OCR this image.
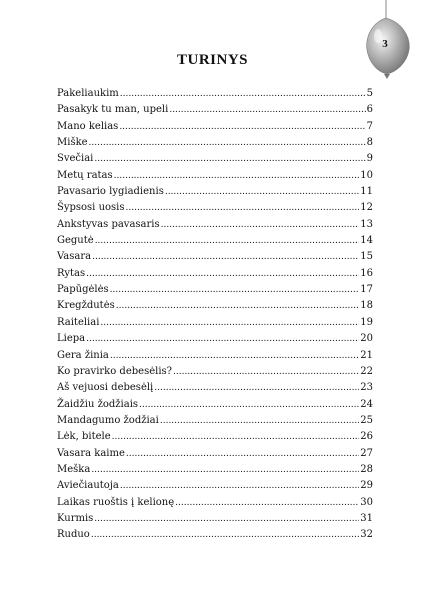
3
TURINYS
Pakeliaukim .....	5
Pasakyk tu man, upeli .....	6
Mano kelias .....	7
Miške .....	8
Svečiai .....	9
Metų ratas .....	10
Pavasario lygiadienis .....	11
Šypsosi uosis .....	12
Ankstyvas pavasaris .....	13
Gegutė .....	14
Vasara .....	15
Rytas .....	16
Papūgėlės .....	17
Kregždutės .....	18
Raiteliai .....	19
Liepa .....	20
Gera žinia .....	21
Ko pravirko debesėlis? .....	22
Aš vejuosi debesėlį .....	23
Žaidžiu žodžiais .....	24
Mandagumo žodžiai .....	25
Lėk, bitele .....	26
Vasara kaime .....	27
Meška .....	28
Aviečiautoja .....	29
Laikas ruoštis į kelionę .....	30
Kurmis .....	31
Ruduo .....	32
